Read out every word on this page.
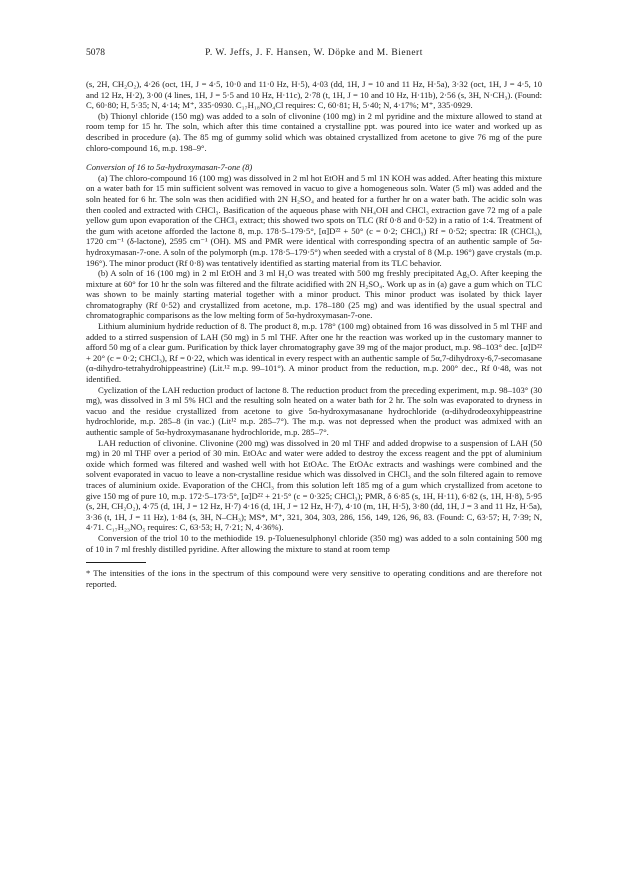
5078	P. W. Jeffs, J. F. Hansen, W. Döpke and M. Bienert

(s, 2H, CH₂O₂), 4·26 (oct, 1H, J = 4·5, 10·0 and 11·0 Hz, H·5), 4·03 (dd, 1H, J = 10 and 11 Hz, H·5a), 3·32 (oct, 1H, J = 4·5, 10 and 12 Hz, H·2), 3·00 (4 lines, 1H, J = 5·5 and 10 Hz, H·11c), 2·78 (t, 1H, J = 10 and 10 Hz, H·11b), 2·56 (s, 3H, N·CH₃). (Found: C, 60·80; H, 5·35; N, 4·14; M⁺, 335·0930. C₁₇H₁₈NO₄Cl requires: C, 60·81; H, 5·40; N, 4·17%; M⁺, 335·0929.

(b) Thionyl chloride (150 mg) was added to a soln of clivonine (100 mg) in 2 ml pyridine and the mixture allowed to stand at room temp for 15 hr. The soln, which after this time contained a crystalline ppt. was poured into ice water and worked up as described in procedure (a). The 85 mg of gummy solid which was obtained crystallized from acetone to give 76 mg of the pure chloro-compound 16, m.p. 198–9°.

Conversion of 16 to 5α-hydroxymasan-7-one (8)

(a) The chloro-compound 16 (100 mg) was dissolved in 2 ml hot EtOH and 5 ml 1N KOH was added. After heating this mixture on a water bath for 15 min sufficient solvent was removed in vacuo to give a homogeneous soln. Water (5 ml) was added and the soln heated for 6 hr. The soln was then acidified with 2N H₂SO₄ and heated for a further hr on a water bath. The acidic soln was then cooled and extracted with CHCl₃. Basification of the aqueous phase with NH₄OH and CHCl₃ extraction gave 72 mg of a pale yellow gum upon evaporation of the CHCl₃ extract; this showed two spots on TLC (Rf 0·8 and 0·52) in a ratio of 1:4. Treatment of the gum with acetone afforded the lactone 8, m.p. 178·5–179·5°, [α]D²² + 50° (c = 0·2; CHCl₃) Rf = 0·52; spectra: IR (CHCl₃), 1720 cm⁻¹ (δ-lactone), 2595 cm⁻¹ (OH). MS and PMR were identical with corresponding spectra of an authentic sample of 5α-hydroxymasan-7-one. A soln of the polymorph (m.p. 178·5–179·5°) when seeded with a crystal of 8 (M.p. 196°) gave crystals (m.p. 196°). The minor product (Rf 0·8) was tentatively identified as starting material from its TLC behavior.

(b) A soln of 16 (100 mg) in 2 ml EtOH and 3 ml H₂O was treated with 500 mg freshly precipitated Ag₂O. After keeping the mixture at 60° for 10 hr the soln was filtered and the filtrate acidified with 2N H₂SO₄. Work up as in (a) gave a gum which on TLC was shown to be mainly starting material together with a minor product. This minor product was isolated by thick layer chromatography (Rf 0·52) and crystallized from acetone, m.p. 178–180 (25 mg) and was identified by the usual spectral and chromatographic comparisons as the low melting form of 5α-hydroxymasan-7-one.

Lithium aluminium hydride reduction of 8. The product 8, m.p. 178° (100 mg) obtained from 16 was dissolved in 5 ml THF and added to a stirred suspension of LAH (50 mg) in 5 ml THF. After one hr the reaction was worked up in the customary manner to afford 50 mg of a clear gum. Purification by thick layer chromatography gave 39 mg of the major product, m.p. 98–103° dec. [α]D²² + 20° (c = 0·2; CHCl₃), Rf = 0·22, which was identical in every respect with an authentic sample of 5α,7-dihydroxy-6,7-secomasane (α-dihydro-tetrahydrohippeastrine) (Lit.¹² m.p. 99–101°). A minor product from the reduction, m.p. 200° dec., Rf 0·48, was not identified.

Cyclization of the LAH reduction product of lactone 8. The reduction product from the preceding experiment, m.p. 98–103° (30 mg), was dissolved in 3 ml 5% HCl and the resulting soln heated on a water bath for 2 hr. The soln was evaporated to dryness in vacuo and the residue crystallized from acetone to give 5α-hydroxymasanane hydrochloride (α-dihydrodeoxyhippeastrine hydrochloride, m.p. 285–8 (in vac.) (Lit¹² m.p. 285–7°). The m.p. was not depressed when the product was admixed with an authentic sample of 5α-hydroxymasanane hydrochloride, m.p. 285–7°.

LAH reduction of clivonine. Clivonine (200 mg) was dissolved in 20 ml THF and added dropwise to a suspension of LAH (50 mg) in 20 ml THF over a period of 30 min. EtOAc and water were added to destroy the excess reagent and the ppt of aluminium oxide which formed was filtered and washed well with hot EtOAc. The EtOAc extracts and washings were combined and the solvent evaporated in vacuo to leave a non-crystalline residue which was dissolved in CHCl₃ and the soln filtered again to remove traces of aluminium oxide. Evaporation of the CHCl₃ from this solution left 185 mg of a gum which crystallized from acetone to give 150 mg of pure 10, m.p. 172·5–173·5°, [α]D²² + 21·5° (c = 0·325; CHCl₃); PMR, δ 6·85 (s, 1H, H·11), 6·82 (s, 1H, H·8), 5·95 (s, 2H, CH₂O₂), 4·75 (d, 1H, J = 12 Hz, H·7) 4·16 (d, 1H, J = 12 Hz, H·7), 4·10 (m, 1H, H·5), 3·80 (dd, 1H, J = 3 and 11 Hz, H·5a), 3·36 (t, 1H, J = 11 Hz), 1·84 (s, 3H, N–CH₃); MS*, M⁺, 321, 304, 303, 286, 156, 149, 126, 96, 83. (Found: C, 63·57; H, 7·39; N, 4·71. C₁₇H₂₃NO₅ requires: C, 63·53; H, 7·21; N, 4·36%).

Conversion of the triol 10 to the methiodide 19. p-Toluenesulphonyl chloride (350 mg) was added to a soln containing 500 mg of 10 in 7 ml freshly distilled pyridine. After allowing the mixture to stand at room temp

* The intensities of the ions in the spectrum of this compound were very sensitive to operating conditions and are therefore not reported.
